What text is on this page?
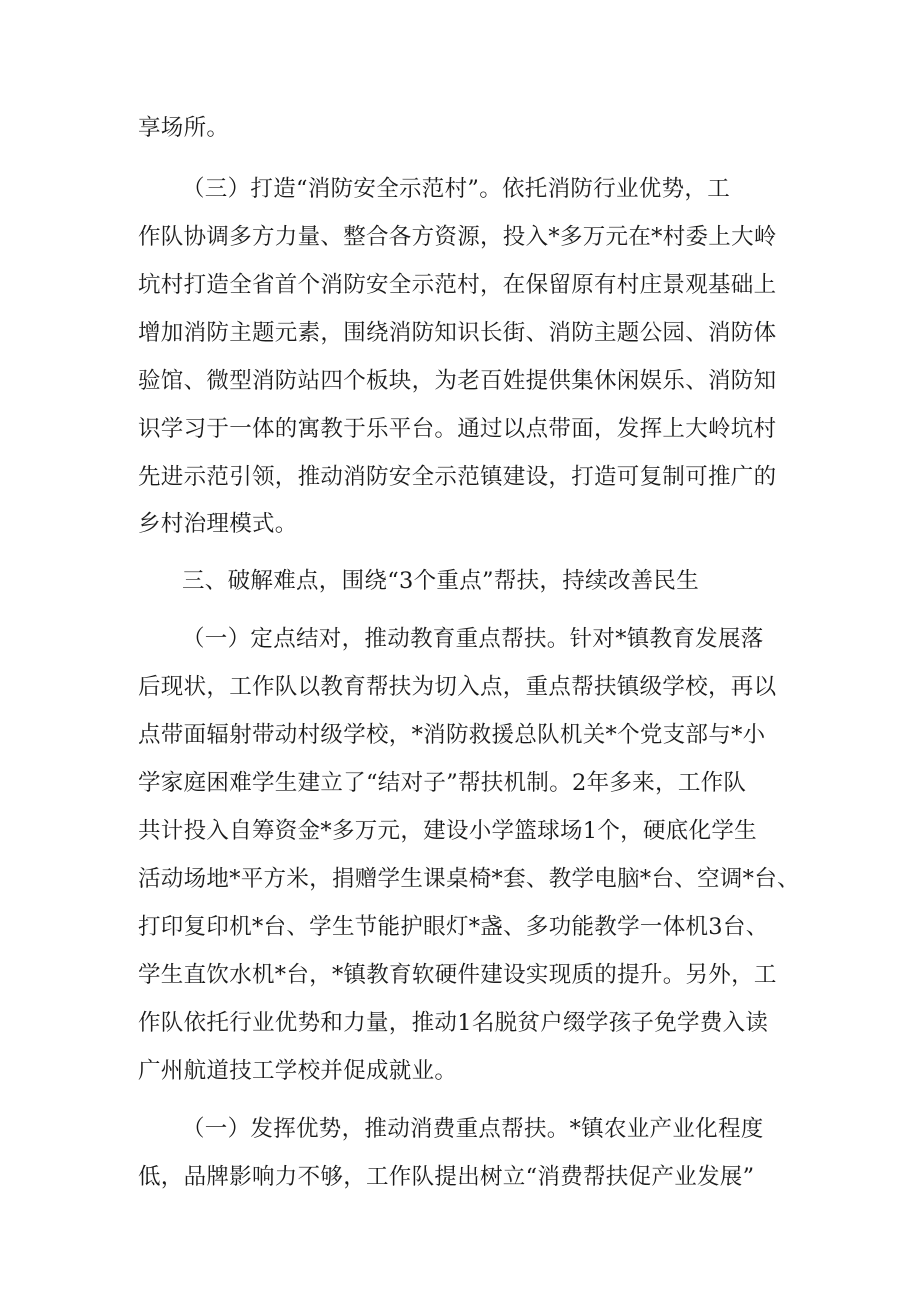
享场所。

（三）打造“消防安全示范村”。依托消防行业优势，工

作队协调多方力量、整合各方资源，投入*多万元在*村委上大岭

坑村打造全省首个消防安全示范村，在保留原有村庄景观基础上

增加消防主题元素，围绕消防知识长街、消防主题公园、消防体

验馆、微型消防站四个板块，为老百姓提供集休闲娱乐、消防知

识学习于一体的寓教于乐平台。通过以点带面，发挥上大岭坑村

先进示范引领，推动消防安全示范镇建设，打造可复制可推广的

乡村治理模式。

三、破解难点，围绕“3个重点”帮扶，持续改善民生

（一）定点结对，推动教育重点帮扶。针对*镇教育发展落

后现状，工作队以教育帮扶为切入点，重点帮扶镇级学校，再以

点带面辐射带动村级学校，*消防救援总队机关*个党支部与*小

学家庭困难学生建立了“结对子”帮扶机制。2年多来，工作队

共计投入自筹资金*多万元，建设小学篮球场1个，硬底化学生

活动场地*平方米，捐赠学生课桌椅*套、教学电脑*台、空调*台、

打印复印机*台、学生节能护眼灯*盏、多功能教学一体机3台、

学生直饮水机*台，*镇教育软硬件建设实现质的提升。另外，工

作队依托行业优势和力量，推动1名脱贫户缀学孩子免学费入读

广州航道技工学校并促成就业。

（一）发挥优势，推动消费重点帮扶。*镇农业产业化程度

低，品牌影响力不够，工作队提出树立“消费帮扶促产业发展”
